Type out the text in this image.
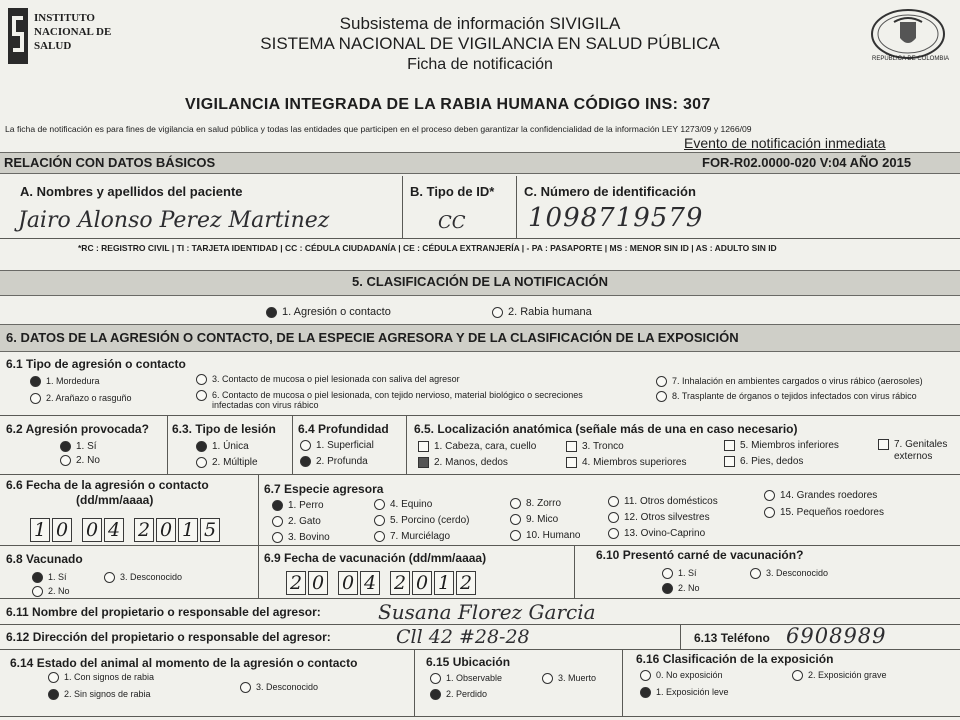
INSTITUTO
NACIONAL DE
SALUD
Subsistema de información SIVIGILA
SISTEMA NACIONAL DE VIGILANCIA EN SALUD PÚBLICA
Ficha de notificación	REPÚBLICA DE COLOMBIA
VIGILANCIA INTEGRADA DE LA RABIA HUMANA CÓDIGO INS: 307
La ficha de notificación es para fines de vigilancia en salud pública y todas las entidades que participen en el proceso deben garantizar la confidencialidad de la información LEY 1273/09 y 1266/09
Evento de notificación inmediata
RELACIÓN CON DATOS BÁSICOS	FOR-R02.0000-020 V:04 AÑO 2015
A. Nombres y apellidos del paciente
Jairo Alonso Perez Martinez
B. Tipo de ID*
CC
C. Número de identificación
1098719579
*RC : REGISTRO CIVIL | TI : TARJETA IDENTIDAD | CC : CÉDULA CIUDADANÍA | CE : CÉDULA EXTRANJERÍA | - PA : PASAPORTE | MS : MENOR SIN ID | AS : ADULTO SIN ID
5. CLASIFICACIÓN DE LA NOTIFICACIÓN
1. Agresión o contacto	2. Rabia humana
6. DATOS DE LA AGRESIÓN O CONTACTO, DE LA ESPECIE AGRESORA Y DE LA CLASIFICACIÓN DE LA EXPOSICIÓN
6.1 Tipo de agresión o contacto
1. Mordedura
2. Arañazo o rasguño
3. Contacto de mucosa o piel lesionada con saliva del agresor
6. Contacto de mucosa o piel lesionada, con tejido nervioso, material biológico o secreciones
infectadas con virus rábico
7. Inhalación en ambientes cargados o virus rábico (aerosoles)
8. Trasplante de órganos o tejidos infectados con virus rábico
6.2 Agresión provocada?
1. Sí
2. No
6.3. Tipo de lesión
1. Única
2. Múltiple
6.4 Profundidad
1. Superficial
2. Profunda
6.5. Localización anatómica (señale más de una en caso necesario)
1. Cabeza, cara, cuello
2. Manos, dedos
3. Tronco
4. Miembros superiores
5. Miembros inferiores
6. Pies, dedos
7. Genitales
externos
6.6 Fecha de la agresión o contacto
(dd/mm/aaaa)
1 0 0 4 2 0 1 5
6.7 Especie agresora
1. Perro
2. Gato
3. Bovino
4. Equino
5. Porcino (cerdo)
7. Murciélago
8. Zorro
9. Mico
10. Humano
11. Otros domésticos
12. Otros silvestres
13. Ovino-Caprino
14. Grandes roedores
15. Pequeños roedores
6.8 Vacunado
1. Sí
2. No
3. Desconocido
6.9 Fecha de vacunación (dd/mm/aaaa)
2 0 0 4 2 0 1 2
6.10 Presentó carné de vacunación?
1. Sí
2. No
3. Desconocido
6.11 Nombre del propietario o responsable del agresor:	Susana Florez Garcia
6.12 Dirección del propietario o responsable del agresor:	Cll 42 #28-28	6.13 Teléfono 6908989
6.14 Estado del animal al momento de la agresión o contacto
1. Con signos de rabia
2. Sin signos de rabia
3. Desconocido
6.15 Ubicación
1. Observable
2. Perdido
3. Muerto
6.16 Clasificación de la exposición
0. No exposición
1. Exposición leve
2. Exposición grave
